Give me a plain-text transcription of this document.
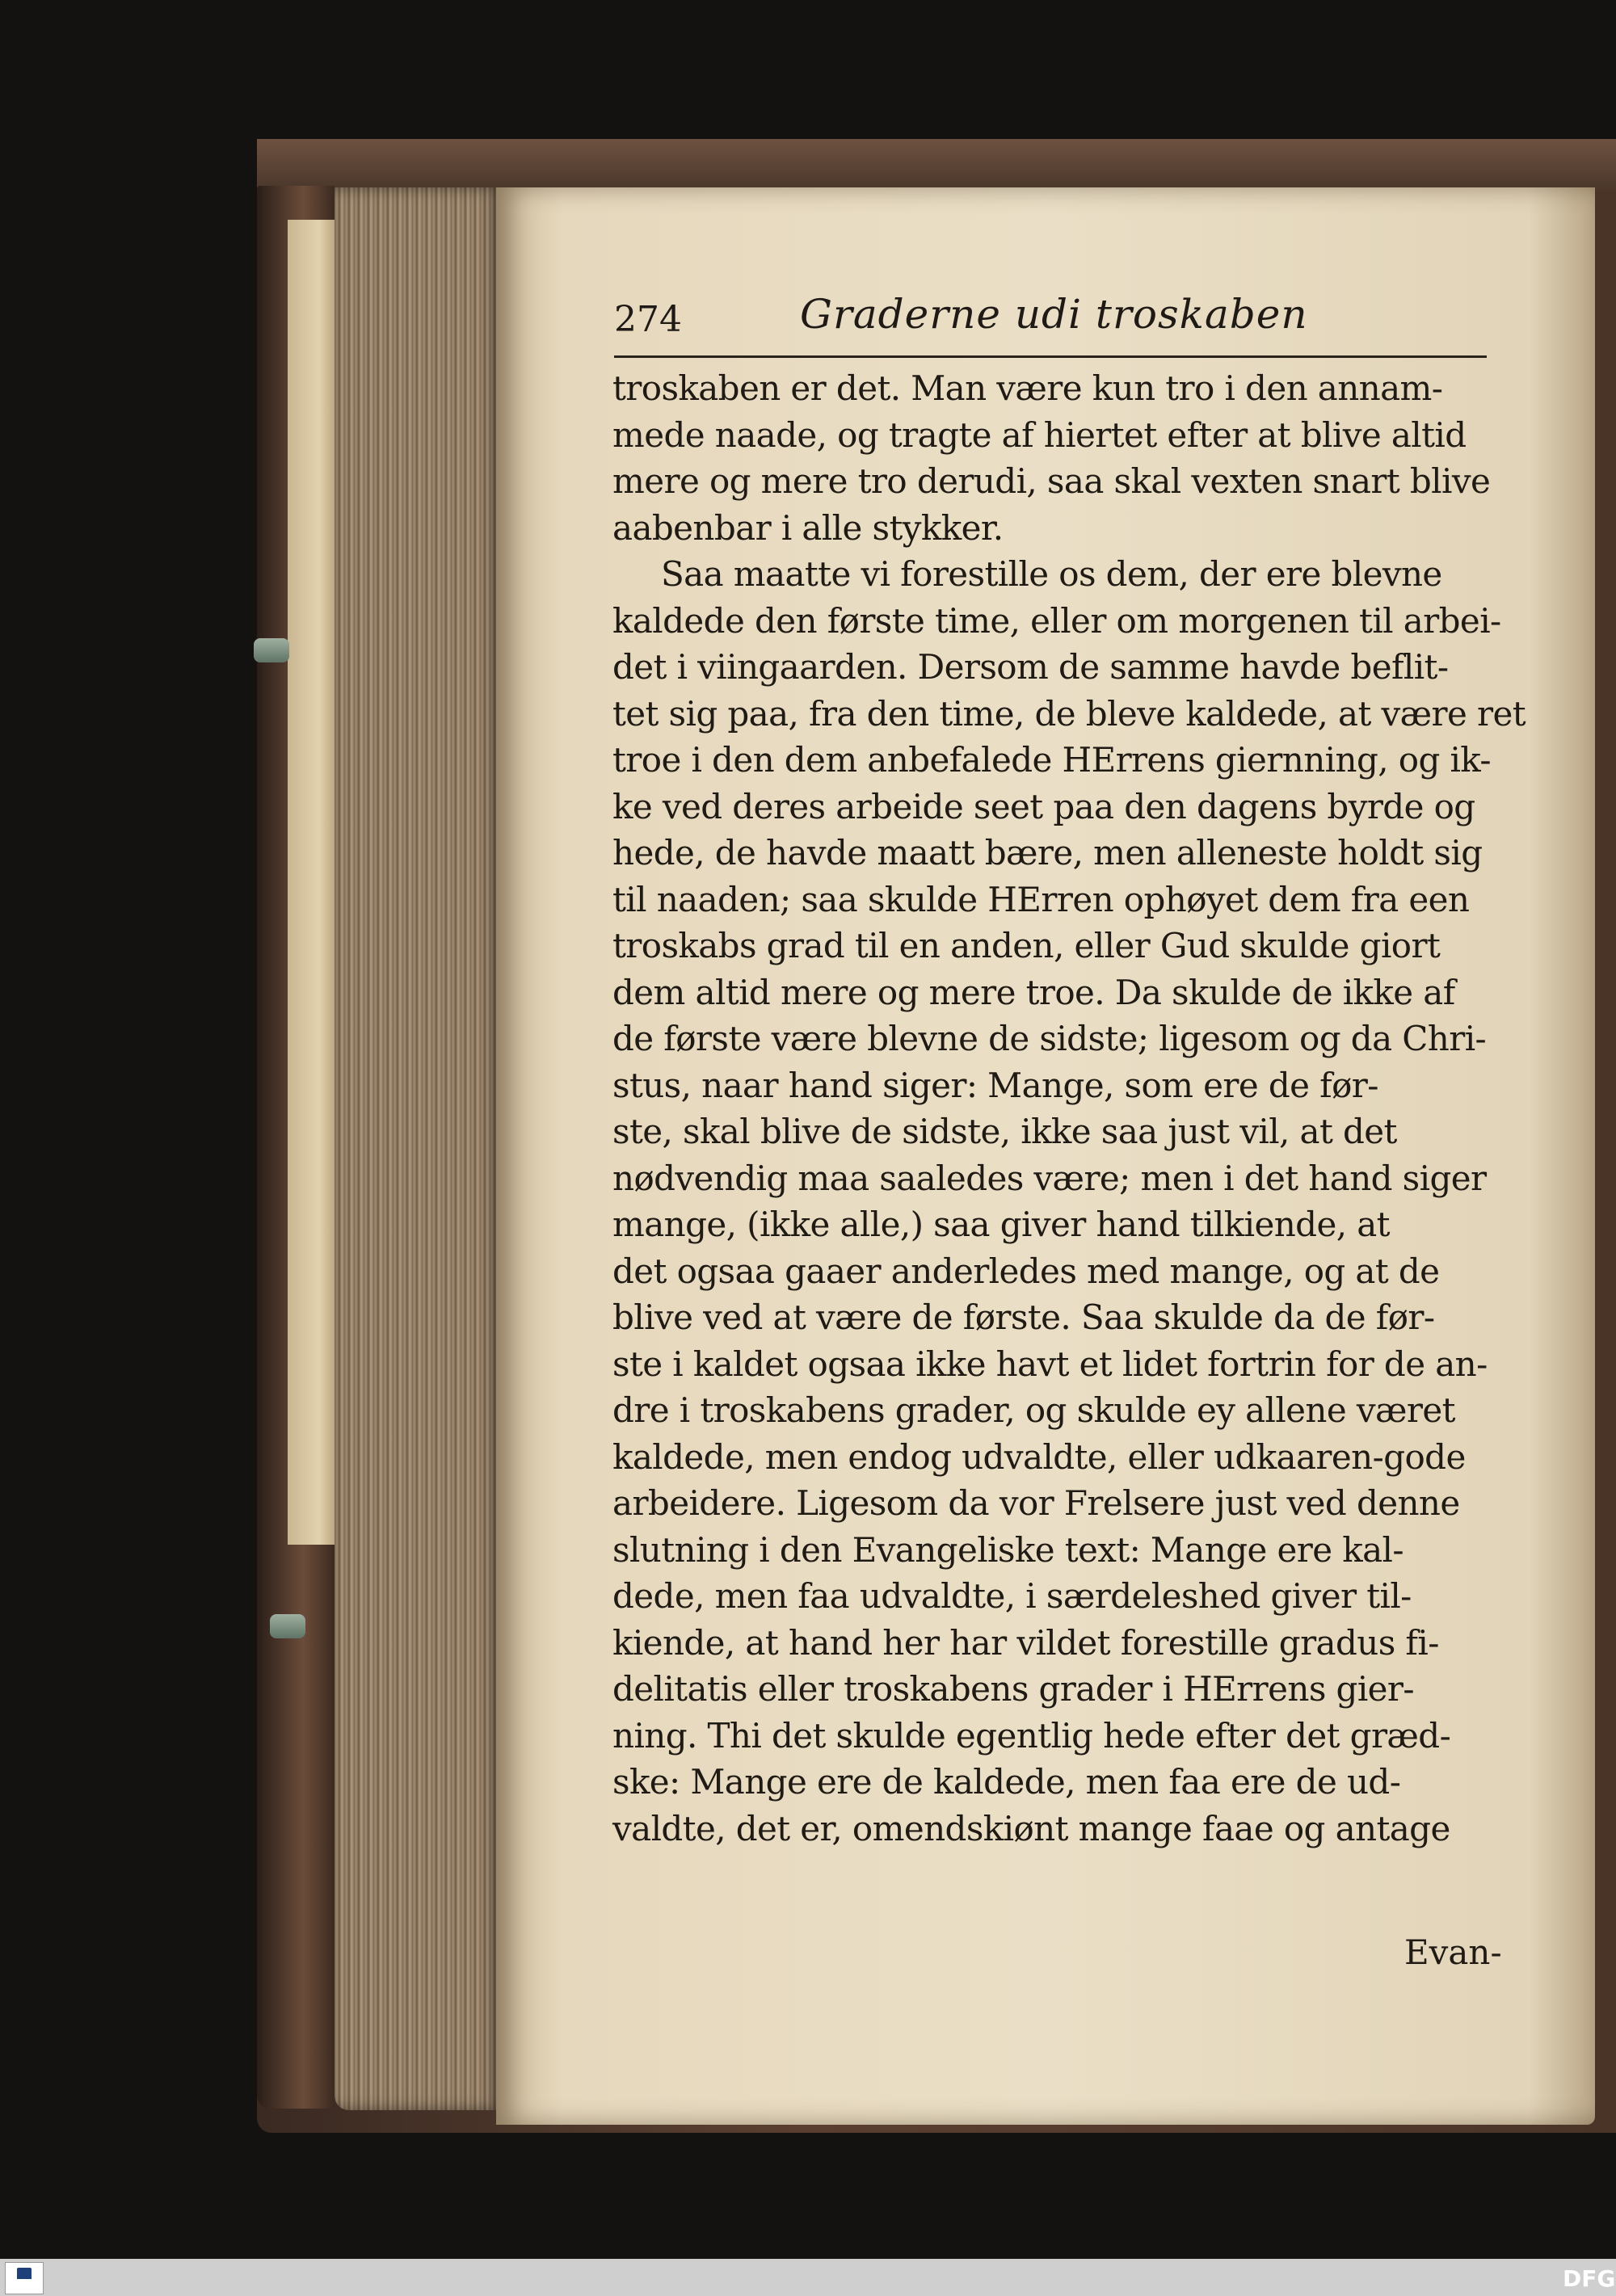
274	Graderne udi troskaben
troskaben er det. Man være kun tro i den annam-
mede naade, og tragte af hiertet efter at blive altid
mere og mere tro derudi, saa skal vexten snart blive
aabenbar i alle stykker.
Saa maatte vi forestille os dem, der ere blevne
kaldede den første time, eller om morgenen til arbei-
det i viingaarden. Dersom de samme havde beflit-
tet sig paa, fra den time, de bleve kaldede, at være ret
troe i den dem anbefalede HErrens giernning, og ik-
ke ved deres arbeide seet paa den dagens byrde og
hede, de havde maatt bære, men alleneste holdt sig
til naaden; saa skulde HErren ophøyet dem fra een
troskabs grad til en anden, eller Gud skulde giort
dem altid mere og mere troe. Da skulde de ikke af
de første være blevne de sidste; ligesom og da Chri-
stus, naar hand siger: Mange, som ere de før-
ste, skal blive de sidste, ikke saa just vil, at det
nødvendig maa saaledes være; men i det hand siger
mange, (ikke alle,) saa giver hand tilkiende, at
det ogsaa gaaer anderledes med mange, og at de
blive ved at være de første. Saa skulde da de før-
ste i kaldet ogsaa ikke havt et lidet fortrin for de an-
dre i troskabens grader, og skulde ey allene været
kaldede, men endog udvaldte, eller udkaaren-gode
arbeidere. Ligesom da vor Frelsere just ved denne
slutning i den Evangeliske text: Mange ere kal-
dede, men faa udvaldte, i særdeleshed giver til-
kiende, at hand her har vildet forestille gradus fi-
delitatis eller troskabens grader i HErrens gier-
ning. Thi det skulde egentlig hede efter det græd-
ske: Mange ere de kaldede, men faa ere de ud-
valdte, det er, omendskiønt mange faae og antage
Evan-
DFG
